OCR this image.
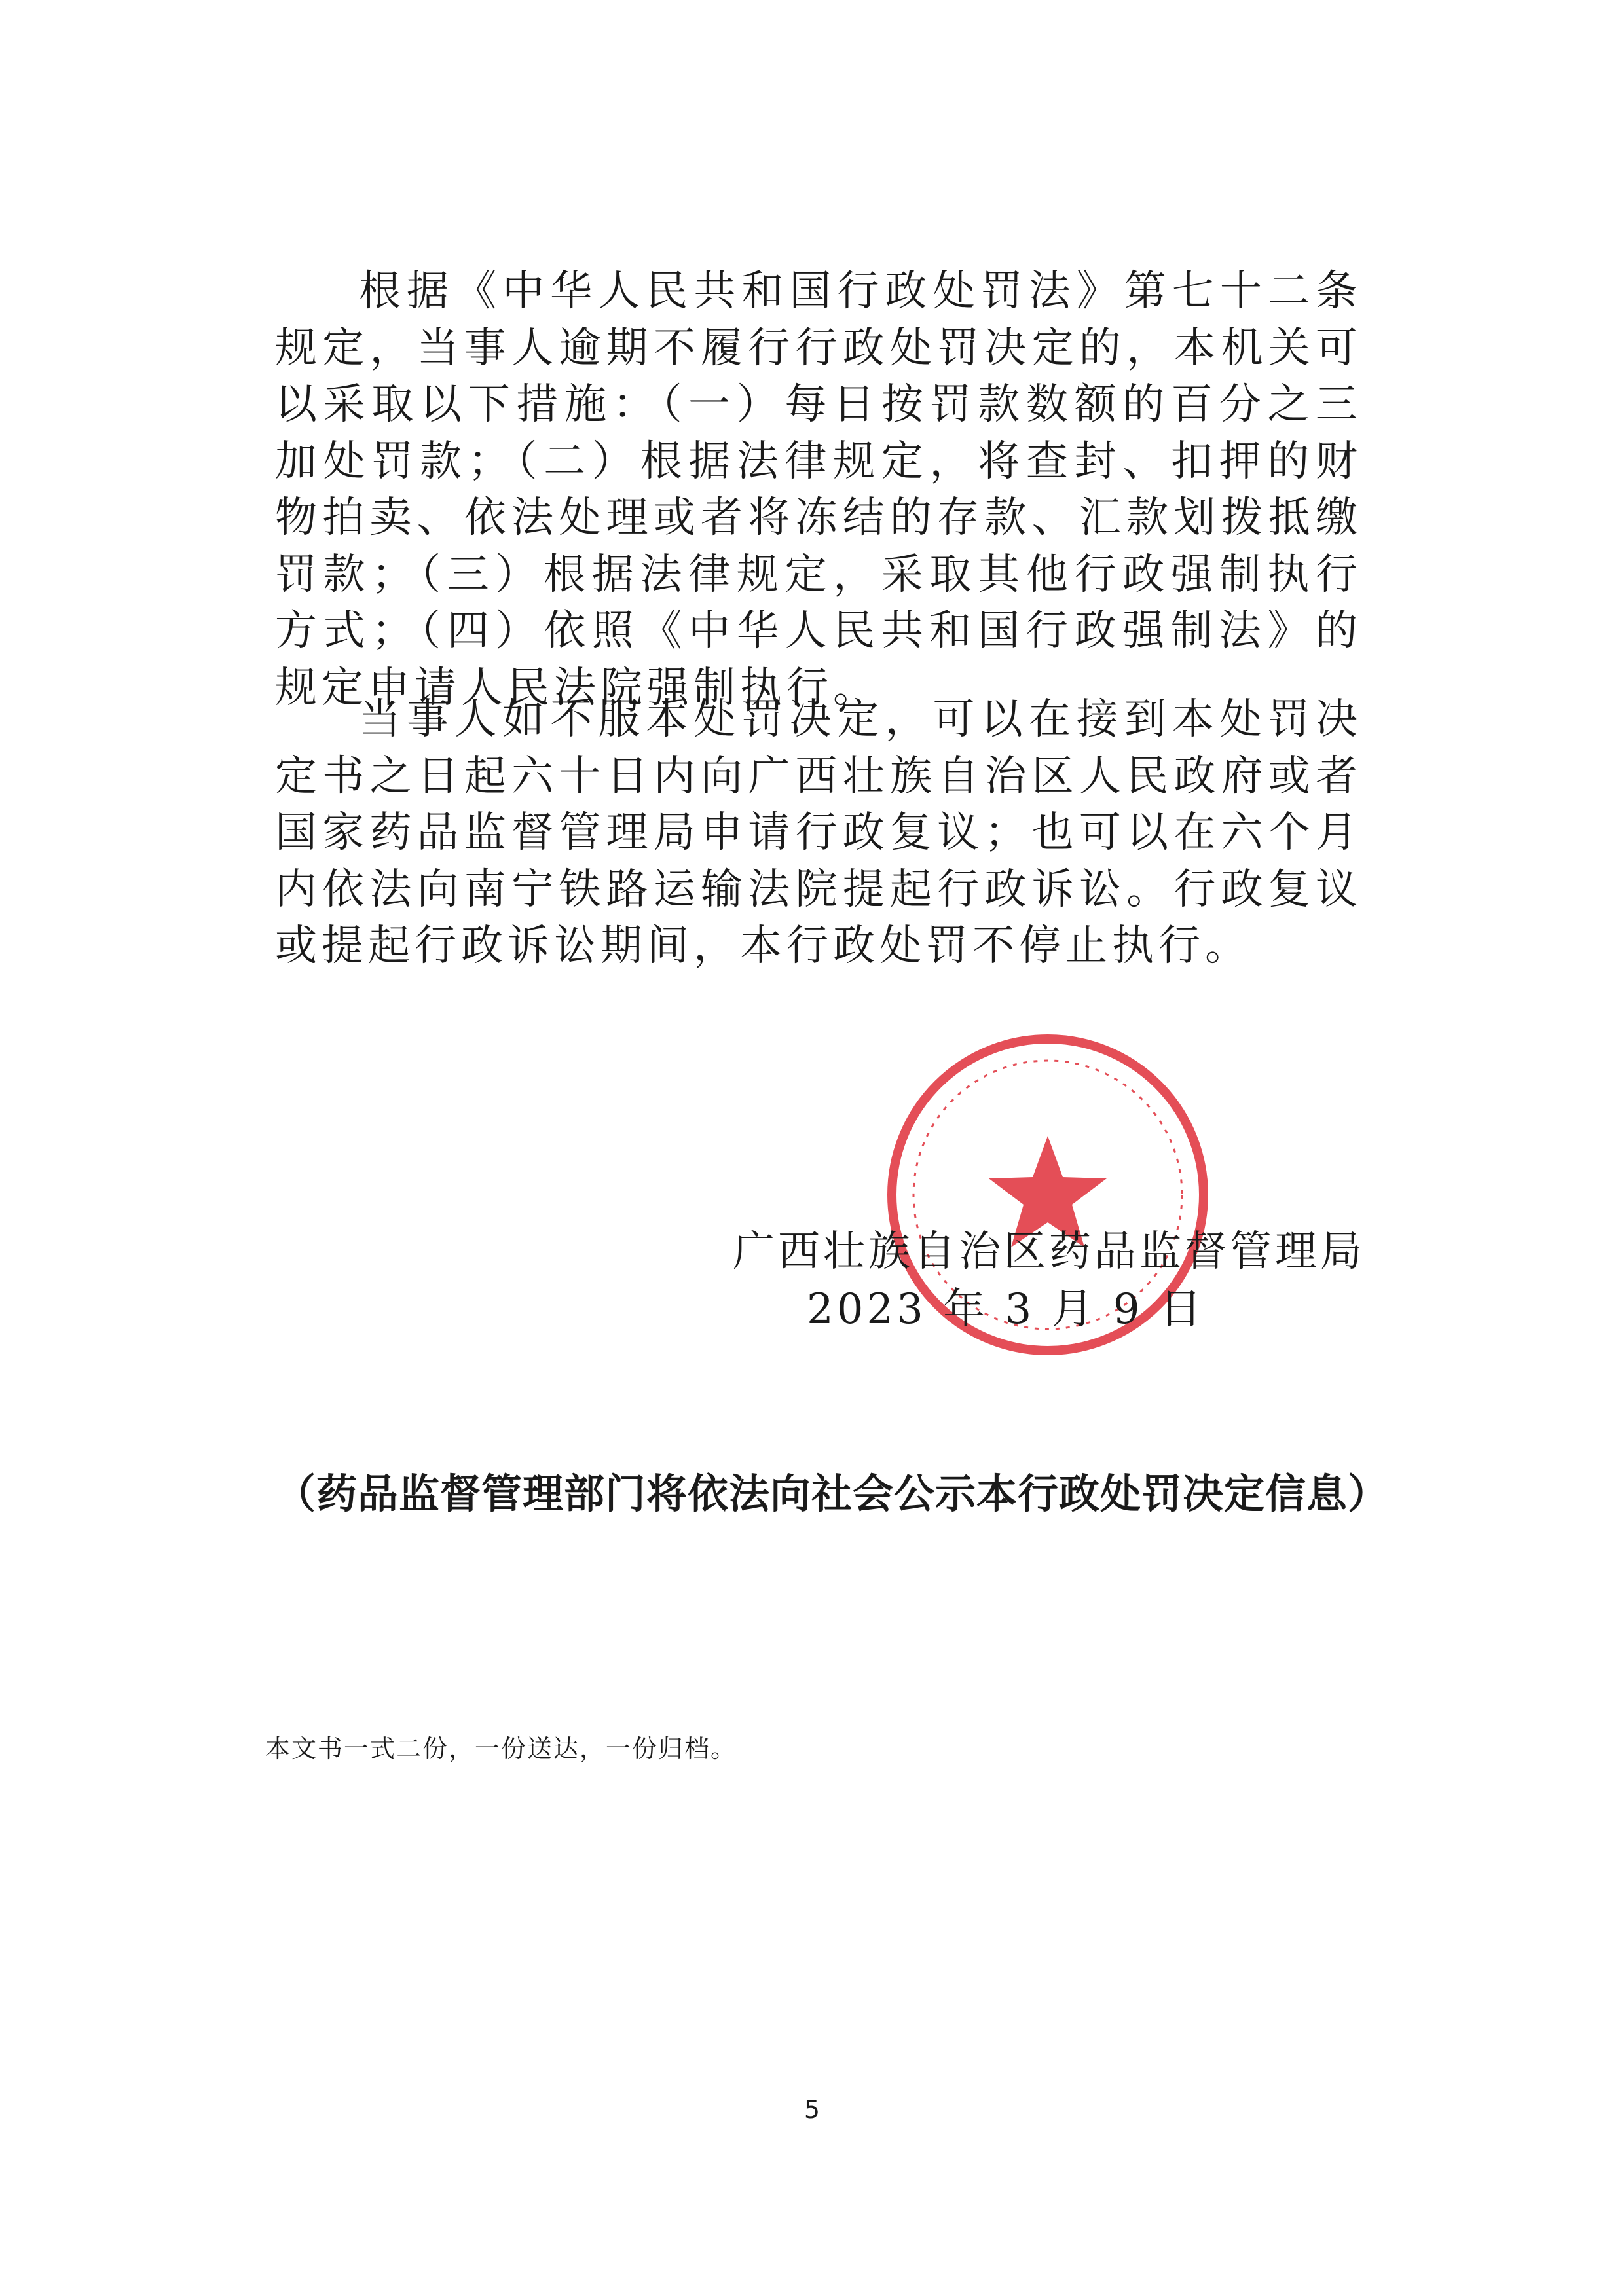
根据《中华人民共和国行政处罚法》第七十二条规定，当事人逾期不履行行政处罚决定的，本机关可以采取以下措施：（一）每日按罚款数额的百分之三加处罚款；（二）根据法律规定，将查封、扣押的财物拍卖、依法处理或者将冻结的存款、汇款划拨抵缴罚款；（三）根据法律规定，采取其他行政强制执行方式；（四）依照《中华人民共和国行政强制法》的规定申请人民法院强制执行。

当事人如不服本处罚决定，可以在接到本处罚决定书之日起六十日内向广西壮族自治区人民政府或者国家药品监督管理局申请行政复议；也可以在六个月内依法向南宁铁路运输法院提起行政诉讼。行政复议或提起行政诉讼期间，本行政处罚不停止执行。

广西壮族自治区药品监督管理局
2023 年 3 月 9 日
（药品监督管理部门将依法向社会公示本行政处罚决定信息）
本文书一式二份，一份送达，一份归档。
5
